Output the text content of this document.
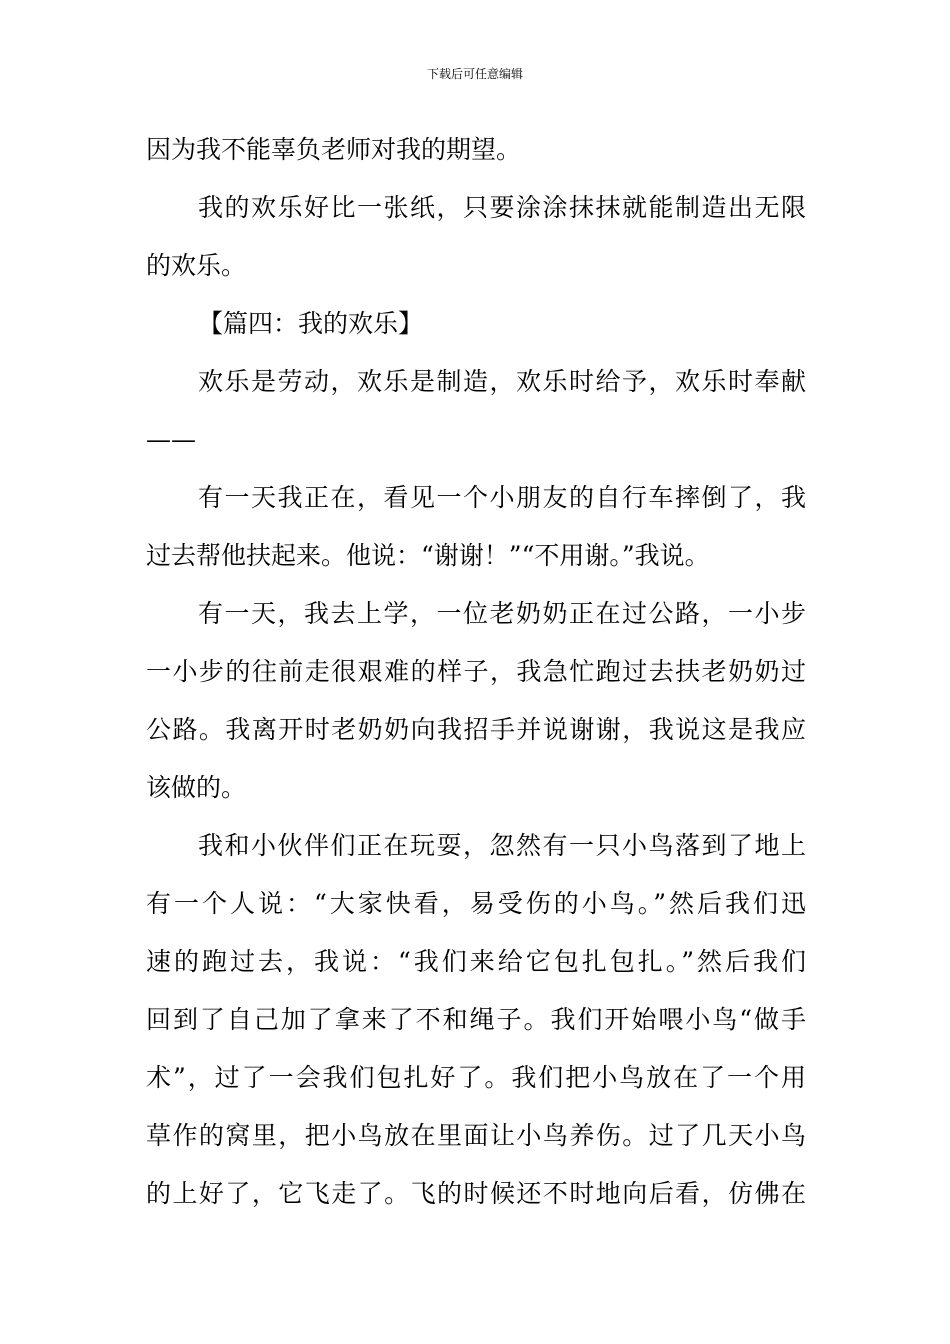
下载后可任意编辑
因为我不能辜负老师对我的期望。
我的欢乐好比一张纸，只要涂涂抹抹就能制造出无限
的欢乐。
【篇四：我的欢乐】
欢乐是劳动，欢乐是制造，欢乐时给予，欢乐时奉献
——
有一天我正在，看见一个小朋友的自行车摔倒了，我
过去帮他扶起来。他说：“谢谢！”“不用谢。”我说。
有一天，我去上学，一位老奶奶正在过公路，一小步
一小步的往前走很艰难的样子，我急忙跑过去扶老奶奶过
公路。我离开时老奶奶向我招手并说谢谢，我说这是我应
该做的。
我和小伙伴们正在玩耍，忽然有一只小鸟落到了地上
有一个人说：“大家快看，易受伤的小鸟。”然后我们迅
速的跑过去，我说：“我们来给它包扎包扎。”然后我们
回到了自己加了拿来了不和绳子。我们开始喂小鸟“做手
术”，过了一会我们包扎好了。我们把小鸟放在了一个用
草作的窝里，把小鸟放在里面让小鸟养伤。过了几天小鸟
的上好了，它飞走了。飞的时候还不时地向后看，仿佛在
